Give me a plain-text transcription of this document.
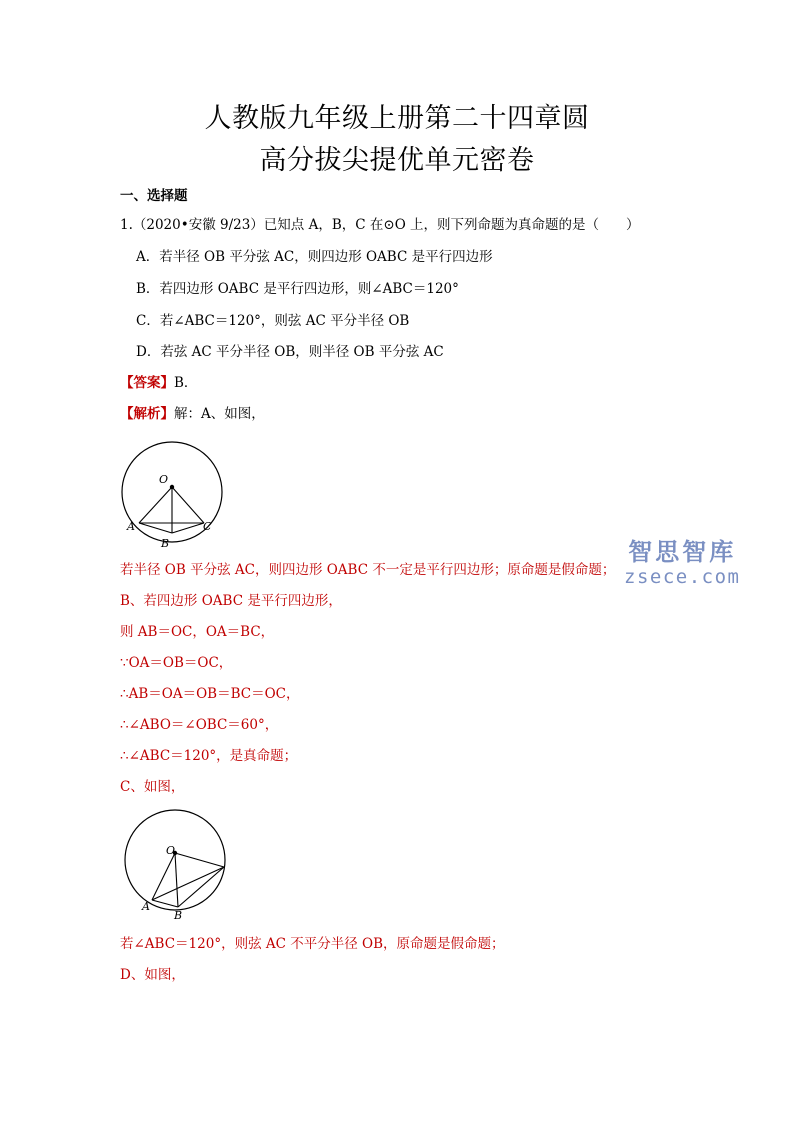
人教版九年级上册第二十四章圆
高分拔尖提优单元密卷
一、选择题
1.（2020•安徽 9/23）已知点 A，B，C 在⊙O 上，则下列命题为真命题的是（　　）
A．若半径 OB 平分弦 AC，则四边形 OABC 是平行四边形
B．若四边形 OABC 是平行四边形，则∠ABC＝120°
C．若∠ABC＝120°，则弦 AC 平分半径 OB
D．若弦 AC 平分半径 OB，则半径 OB 平分弦 AC
【答案】B．
【解析】解：A、如图，
O
A
B
C
智思智库
zsece.com
若半径 OB 平分弦 AC，则四边形 OABC 不一定是平行四边形；原命题是假命题；
B、若四边形 OABC 是平行四边形，
则 AB＝OC，OA＝BC，
∵OA＝OB＝OC，
∴AB＝OA＝OB＝BC＝OC，
∴∠ABO＝∠OBC＝60°，
∴∠ABC＝120°，是真命题；
C、如图，
O
A
B
若∠ABC＝120°，则弦 AC 不平分半径 OB，原命题是假命题；
D、如图，
